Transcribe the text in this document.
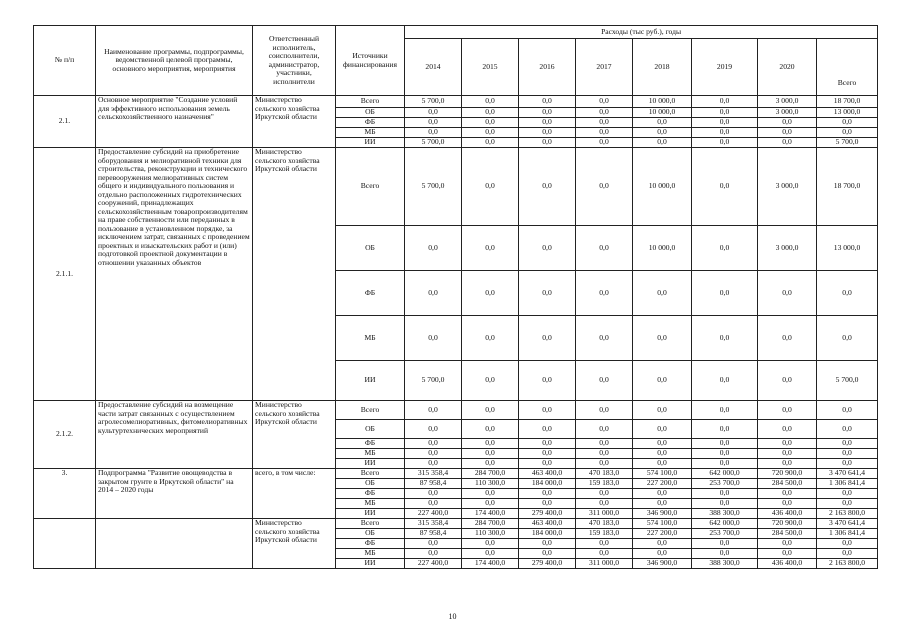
№ п/п	Наименование программы, подпрограммы, ведомственной целевой программы, основного мероприятия, мероприятия	Ответственный исполнитель, соисполнители, администратор, участники, исполнители	Источники финансирования	Расходы (тыс руб.), годы							
				2014	2015	2016	2017	2018	2019	2020	Всего
2.1.	Основное мероприятие "Создание условий для эффективного использования земель сельскохозяйственного назначения"	Министерство сельского хозяйства Иркутской области	Всего	5 700,0	0,0	0,0	0,0	10 000,0	0,0	3 000,0	18 700,0
			ОБ	0,0	0,0	0,0	0,0	10 000,0	0,0	3 000,0	13 000,0
			ФБ	0,0	0,0	0,0	0,0	0,0	0,0	0,0	0,0
			МБ	0,0	0,0	0,0	0,0	0,0	0,0	0,0	0,0
			ИИ	5 700,0	0,0	0,0	0,0	0,0	0,0	0,0	5 700,0
2.1.1.	Предоставление субсидий на приобретение оборудования и мелиоративной техники для строительства, реконструкции и технического перевооружения мелиоративных систем общего и индивидуального пользования и отдельно расположенных гидротехнических сооружений, принадлежащих сельскохозяйственным товаропроизводителям на праве собственности или переданных в пользование в установленном порядке, за исключением затрат, связанных с проведением проектных и изыскательских работ и (или) подготовкой проектной документации в отношении указанных объектов	Министерство сельского хозяйства Иркутской области	Всего	5 700,0	0,0	0,0	0,0	10 000,0	0,0	3 000,0	18 700,0
			ОБ	0,0	0,0	0,0	0,0	10 000,0	0,0	3 000,0	13 000,0
			ФБ	0,0	0,0	0,0	0,0	0,0	0,0	0,0	0,0
			МБ	0,0	0,0	0,0	0,0	0,0	0,0	0,0	0,0
			ИИ	5 700,0	0,0	0,0	0,0	0,0	0,0	0,0	5 700,0
2.1.2.	Предоставление субсидий на возмещение части затрат связанных с осуществлением агролесомелиоративных, фитомелиоративных культуртехнических мероприятий	Министерство сельского хозяйства Иркутской области	Всего	0,0	0,0	0,0	0,0	0,0	0,0	0,0	0,0
			ОБ	0,0	0,0	0,0	0,0	0,0	0,0	0,0	0,0
			ФБ	0,0	0,0	0,0	0,0	0,0	0,0	0,0	0,0
			МБ	0,0	0,0	0,0	0,0	0,0	0,0	0,0	0,0
			ИИ	0,0	0,0	0,0	0,0	0,0	0,0	0,0	0,0
3.	Подпрограмма "Развитие овощеводства в закрытом грунте в Иркутской области" на 2014 – 2020 годы	всего, в том числе:	Всего	315 358,4	284 700,0	463 400,0	470 183,0	574 100,0	642 000,0	720 900,0	3 470 641,4
			ОБ	87 958,4	110 300,0	184 000,0	159 183,0	227 200,0	253 700,0	284 500,0	1 306 841,4
			ФБ	0,0	0,0	0,0	0,0	0,0	0,0	0,0	0,0
			МБ	0,0	0,0	0,0	0,0	0,0	0,0	0,0	0,0
			ИИ	227 400,0	174 400,0	279 400,0	311 000,0	346 900,0	388 300,0	436 400,0	2 163 800,0
		Министерство сельского хозяйства Иркутской области	Всего	315 358,4	284 700,0	463 400,0	470 183,0	574 100,0	642 000,0	720 900,0	3 470 641,4
			ОБ	87 958,4	110 300,0	184 000,0	159 183,0	227 200,0	253 700,0	284 500,0	1 306 841,4
			ФБ	0,0	0,0	0,0	0,0	0,0	0,0	0,0	0,0
			МБ	0,0	0,0	0,0	0,0	0,0	0,0	0,0	0,0
			ИИ	227 400,0	174 400,0	279 400,0	311 000,0	346 900,0	388 300,0	436 400,0	2 163 800,0
10
